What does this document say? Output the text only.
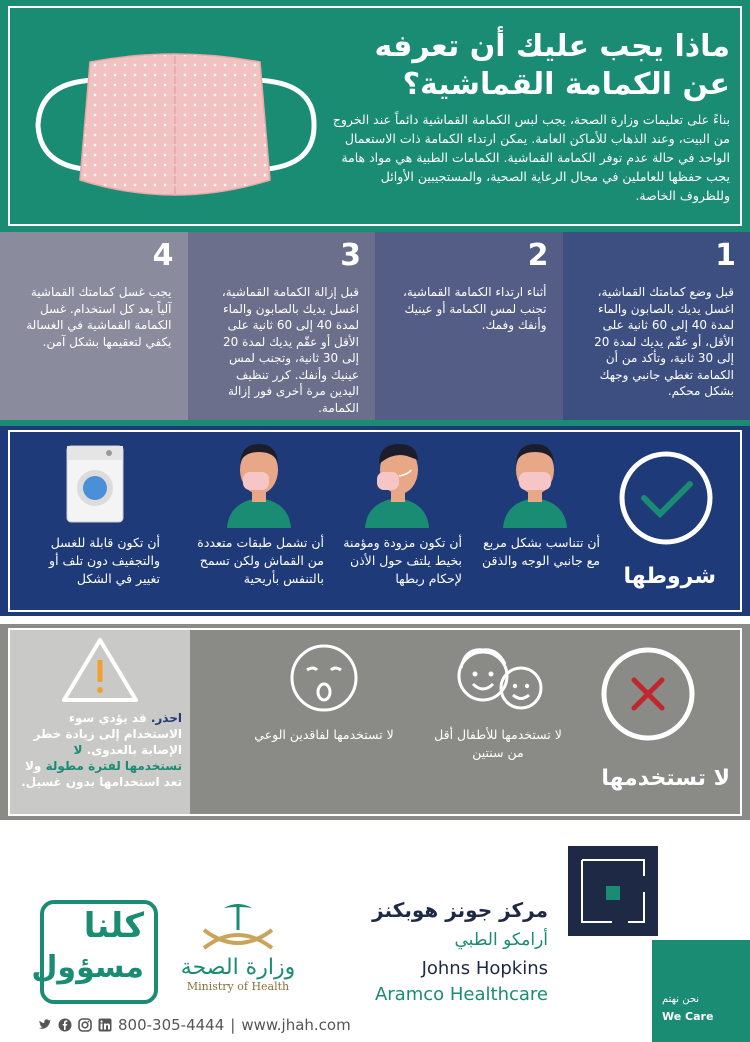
ماذا يجب عليك أن تعرفه
عن الكمامة القماشية؟
بناءً على تعليمات وزارة الصحة، يجب لبس الكمامة القماشية دائماً عند الخروج من البيت، وعند الذهاب للأماكن العامة. يمكن ارتداء الكمامة ذات الاستعمال الواحد في حالة عدم توفر الكمامة القماشية. الكمامات الطبية هي مواد هامة يجب حفظها للعاملين في مجال الرعاية الصحية، والمستجيبين الأوائل وللظروف الخاصة.
1
قبل وضع كمامتك القماشية، اغسل يديك بالصابون والماء لمدة 40 إلى 60 ثانية على الأقل، أو عقّم يديك لمدة 20 إلى 30 ثانية، وتأكد من أن الكمامة تغطي جانبي وجهك بشكل محكم.
2
أثناء ارتداء الكمامة القماشية، تجنب لمس الكمامة أو عينيك وأنفك وفمك.
3
قبل إزالة الكمامة القماشية، اغسل يديك بالصابون والماء لمدة 40 إلى 60 ثانية على الأقل أو عقّم يديك لمدة 20 إلى 30 ثانية، وتجنب لمس عينيك وأنفك. كرر تنظيف اليدين مرة أخرى فور إزالة الكمامة.
4
يجب غسل كمامتك القماشية آلياً بعد كل استخدام. غسل الكمامة القماشية في الغسالة يكفي لتعقيمها بشكل آمن.
شروطها
أن تتناسب بشكل مربع مع جانبي الوجه والذقن
أن تكون مزودة ومؤمنة بخيط يلتف حول الأذن لإحكام ربطها
أن تشمل طبقات متعددة من القماش ولكن تسمح بالتنفس بأريحية
أن تكون قابلة للغسل والتجفيف دون تلف أو تغيير في الشكل
احذر. قد يؤدي سوء الاستخدام إلى زيادة خطر الإصابة بالعدوى. لا تستخدمها لفترة مطولة ولا تعد استخدامها بدون غسيل.	لا تستخدمها
لا تستخدمها للأطفال أقل من سنتين
لا تستخدمها لفاقدين الوعي
نحن نهتم
We Care
مركز جونز هوبكنز
أرامكو الطبي
Johns Hopkins
Aramco Healthcare
وزارة الصحة
Ministry of Health
كلنا
مسؤول
800-305-4444 | www.jhah.com
